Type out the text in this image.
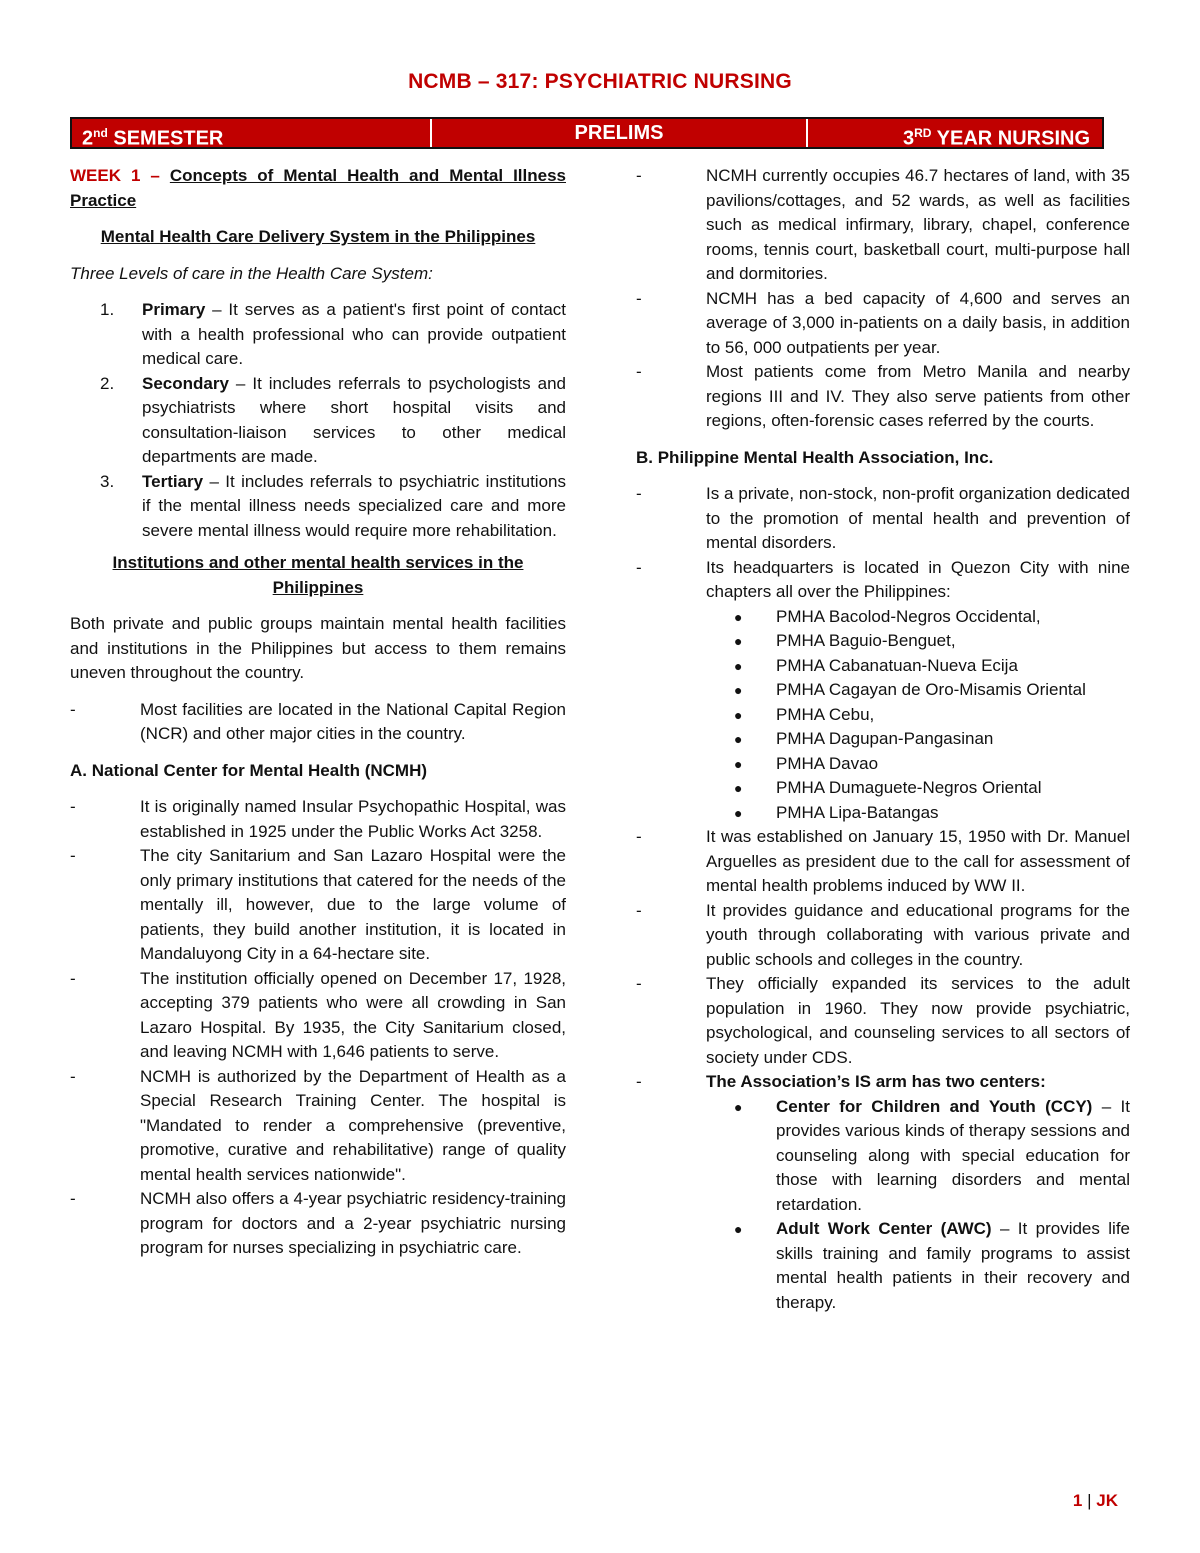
NCMB – 317: PSYCHIATRIC NURSING
2nd SEMESTER	PRELIMS	3RD YEAR NURSING

WEEK 1 – Concepts of Mental Health and Mental Illness Practice

Mental Health Care Delivery System in the Philippines

Three Levels of care in the Health Care System:

1.	Primary – It serves as a patient's first point of contact with a health professional who can provide outpatient medical care.
2.	Secondary – It includes referrals to psychologists and psychiatrists where short hospital visits and consultation-liaison services to other medical departments are made.
3.	Tertiary – It includes referrals to psychiatric institutions if the mental illness needs specialized care and more severe mental illness would require more rehabilitation.

Institutions and other mental health services in the Philippines

Both private and public groups maintain mental health facilities and institutions in the Philippines but access to them remains uneven throughout the country.

-	Most facilities are located in the National Capital Region (NCR) and other major cities in the country.

A. National Center for Mental Health (NCMH)

-	It is originally named Insular Psychopathic Hospital, was established in 1925 under the Public Works Act 3258.
-	The city Sanitarium and San Lazaro Hospital were the only primary institutions that catered for the needs of the mentally ill, however, due to the large volume of patients, they build another institution, it is located in Mandaluyong City in a 64-hectare site.
-	The institution officially opened on December 17, 1928, accepting 379 patients who were all crowding in San Lazaro Hospital. By 1935, the City Sanitarium closed, and leaving NCMH with 1,646 patients to serve.
-	NCMH is authorized by the Department of Health as a Special Research Training Center. The hospital is "Mandated to render a comprehensive (preventive, promotive, curative and rehabilitative) range of quality mental health services nationwide".
-	NCMH also offers a 4-year psychiatric residency-training program for doctors and a 2-year psychiatric nursing program for nurses specializing in psychiatric care.
-	NCMH currently occupies 46.7 hectares of land, with 35 pavilions/cottages, and 52 wards, as well as facilities such as medical infirmary, library, chapel, conference rooms, tennis court, basketball court, multi-purpose hall and dormitories.
-	NCMH has a bed capacity of 4,600 and serves an average of 3,000 in-patients on a daily basis, in addition to 56, 000 outpatients per year.
-	Most patients come from Metro Manila and nearby regions III and IV. They also serve patients from other regions, often-forensic cases referred by the courts.

B. Philippine Mental Health Association, Inc.

-	Is a private, non-stock, non-profit organization dedicated to the promotion of mental health and prevention of mental disorders.
-	Its headquarters is located in Quezon City with nine chapters all over the Philippines:
●	PMHA Bacolod-Negros Occidental,
●	PMHA Baguio-Benguet,
●	PMHA Cabanatuan-Nueva Ecija
●	PMHA Cagayan de Oro-Misamis Oriental
●	PMHA Cebu,
●	PMHA Dagupan-Pangasinan
●	PMHA Davao
●	PMHA Dumaguete-Negros Oriental
●	PMHA Lipa-Batangas
-	It was established on January 15, 1950 with Dr. Manuel Arguelles as president due to the call for assessment of mental health problems induced by WW II.
-	It provides guidance and educational programs for the youth through collaborating with various private and public schools and colleges in the country.
-	They officially expanded its services to the adult population in 1960. They now provide psychiatric, psychological, and counseling services to all sectors of society under CDS.
-	The Association’s IS arm has two centers:
●	Center for Children and Youth (CCY) – It provides various kinds of therapy sessions and counseling along with special education for those with learning disorders and mental retardation.
●	Adult Work Center (AWC) – It provides life skills training and family programs to assist mental health patients in their recovery and therapy.
1 | JK
